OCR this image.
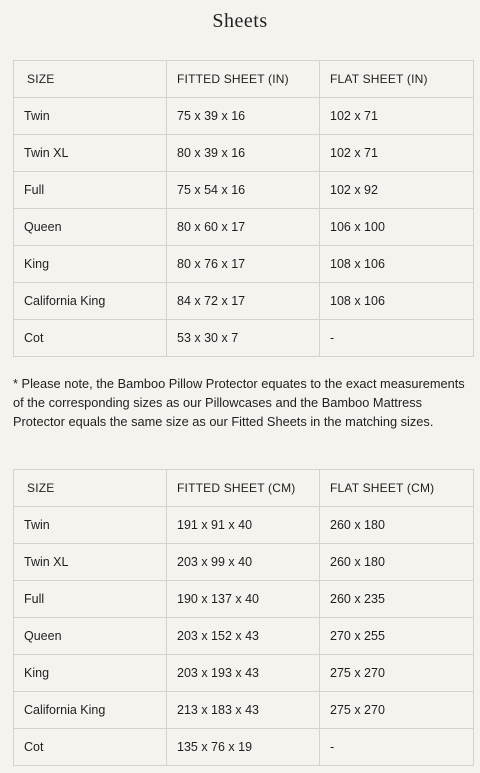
Sheets
SIZE	FITTED SHEET (IN)	FLAT SHEET (IN)
Twin	75 x 39 x 16	102 x 71
Twin XL	80 x 39 x 16	102 x 71
Full	75 x 54 x 16	102 x 92
Queen	80 x 60 x 17	106 x 100
King	80 x 76 x 17	108 x 106
California King	84 x 72 x 17	108 x 106
Cot	53 x 30 x 7	-

* Please note, the Bamboo Pillow Protector equates to the exact measurements of the corresponding sizes as our Pillowcases and the Bamboo Mattress Protector equals the same size as our Fitted Sheets in the matching sizes.

SIZE	FITTED SHEET (CM)	FLAT SHEET (CM)
Twin	191 x 91 x 40	260 x 180
Twin XL	203 x 99 x 40	260 x 180
Full	190 x 137 x 40	260 x 235
Queen	203 x 152 x 43	270 x 255
King	203 x 193 x 43	275 x 270
California King	213 x 183 x 43	275 x 270
Cot	135 x 76 x 19	-
